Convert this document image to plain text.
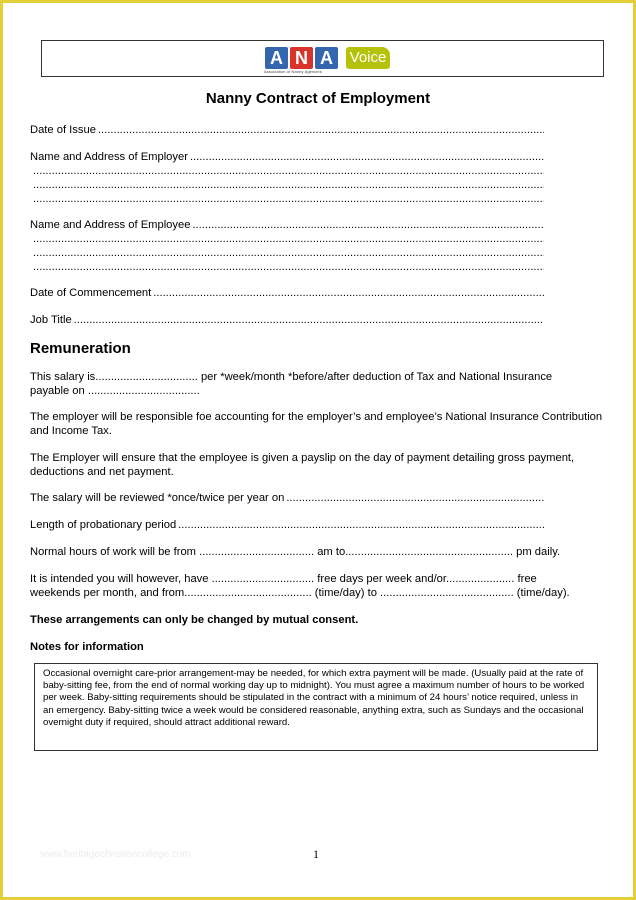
A N A
Association of Nanny Agencies
Voice
Nanny Contract of Employment
Date of Issue
.....
Name and Address of Employer
.....
.....
.....
.....
Name and Address of Employee
.....
.....
.....
.....
Date of Commencement
.....
Job Title
.....
Remuneration
This salary is................................. per *week/month *before/after deduction of Tax and National Insurance
payable on ....................................
The employer will be responsible foe accounting for the employer’s and employee’s National Insurance Contribution and Income Tax.
The Employer will ensure that the employee is given a payslip on the day of payment detailing gross payment, deductions and net payment.
The salary will be reviewed *once/twice per year on
.....
Length of probationary period
.....
Normal hours of work will be from ..................................... am to...................................................... pm daily.
It is intended you will however, have ................................. free days per week and/or...................... free
weekends per month, and from......................................... (time/day) to ........................................... (time/day).
These arrangements can only be changed by mutual consent.
Notes for information
Occasional overnight care-prior arrangement-may be needed, for which extra payment will be made. (Usually paid at the rate of baby-sitting fee, from the end of normal working day up to midnight). You must agree a maximum number of hours to be worked per week. Baby-sitting requirements should be stipulated in the contract with a minimum of 24 hours’ notice required, unless in an emergency. Baby-sitting twice a week would be considered reasonable, anything extra, such as Sundays and the occasional overnight duty if required, should attract additional reward.
www.heritagechristiancollege.com	1
